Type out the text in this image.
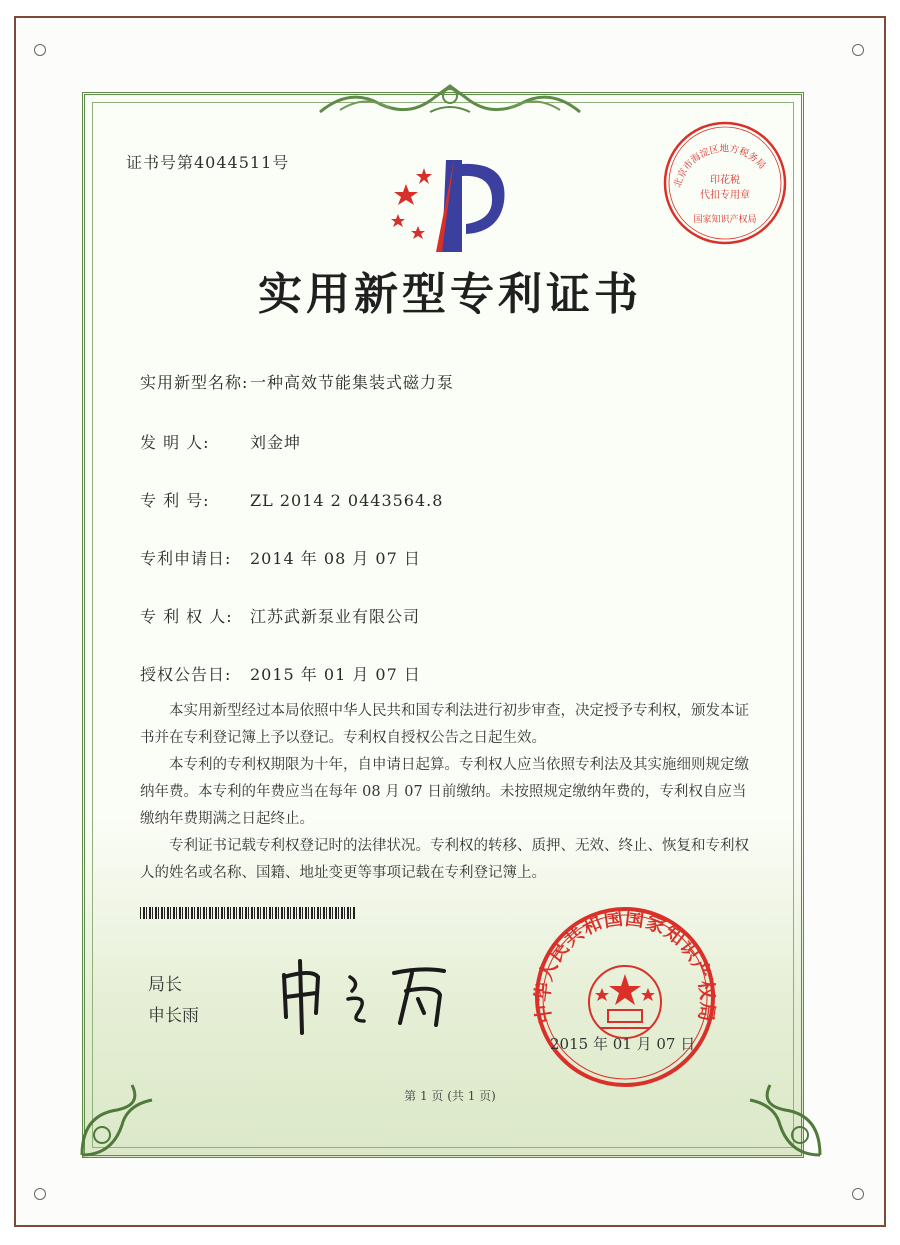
证书号第4044511号
北京市海淀区地方税务局
印花税
代扣专用章
国家知识产权局
实用新型专利证书
实用新型名称:一种高效节能集装式磁力泵
发 明 人:	刘金坤
专 利 号:	ZL 2014 2 0443564.8
专利申请日: 2014 年 08 月 07 日
专 利 权 人: 江苏武新泵业有限公司
授权公告日: 2015 年 01 月 07 日

本实用新型经过本局依照中华人民共和国专利法进行初步审查，决定授予专利权，颁发本证书并在专利登记簿上予以登记。专利权自授权公告之日起生效。

本专利的专利权期限为十年，自申请日起算。专利权人应当依照专利法及其实施细则规定缴纳年费。本专利的年费应当在每年 08 月 07 日前缴纳。未按照规定缴纳年费的，专利权自应当缴纳年费期满之日起终止。

专利证书记载专利权登记时的法律状况。专利权的转移、质押、无效、终止、恢复和专利权人的姓名或名称、国籍、地址变更等事项记载在专利登记簿上。

局长
申长雨	中华人民共和国国家知识产权局
2015 年 01 月 07 日
第 1 页 (共 1 页)
